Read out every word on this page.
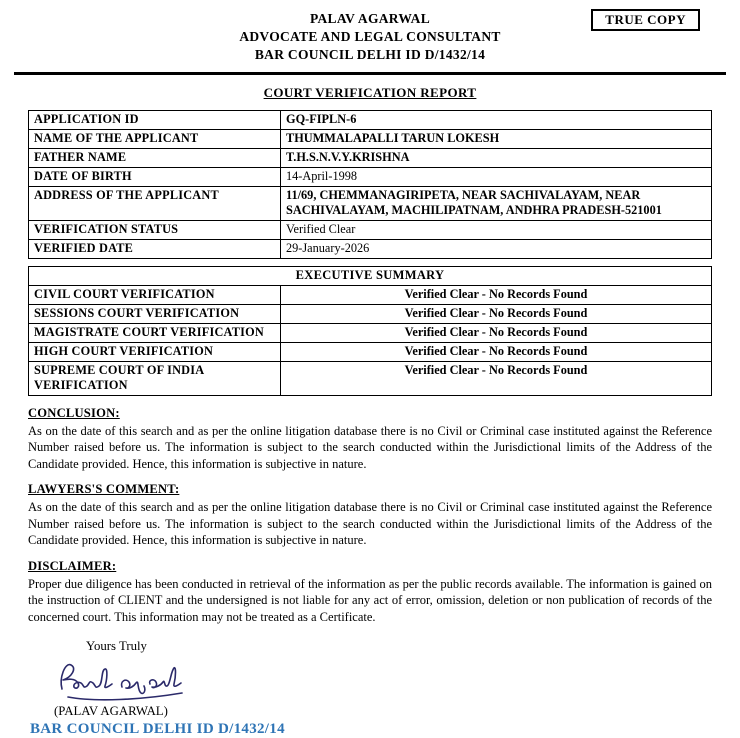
TRUE COPY
PALAV AGARWAL
ADVOCATE AND LEGAL CONSULTANT
BAR COUNCIL DELHI ID D/1432/14
COURT VERIFICATION REPORT
APPLICATION ID	GQ-FIPLN-6
NAME OF THE APPLICANT	THUMMALAPALLI TARUN LOKESH
FATHER NAME	T.H.S.N.V.Y.KRISHNA
DATE OF BIRTH	14-April-1998
ADDRESS OF THE APPLICANT	11/69, CHEMMANAGIRIPETA, NEAR SACHIVALAYAM, NEAR SACHIVALAYAM, MACHILIPATNAM, ANDHRA PRADESH-521001
VERIFICATION STATUS	Verified Clear
VERIFIED DATE	29-January-2026
EXECUTIVE SUMMARY	
CIVIL COURT VERIFICATION	Verified Clear - No Records Found
SESSIONS COURT VERIFICATION	Verified Clear - No Records Found
MAGISTRATE COURT VERIFICATION	Verified Clear - No Records Found
HIGH COURT VERIFICATION	Verified Clear - No Records Found
SUPREME COURT OF INDIA VERIFICATION	Verified Clear - No Records Found
CONCLUSION:
As on the date of this search and as per the online litigation database there is no Civil or Criminal case instituted against the Reference Number raised before us. The information is subject to the search conducted within the Jurisdictional limits of the Address of the Candidate provided. Hence, this information is subjective in nature.
LAWYERS'S COMMENT:
As on the date of this search and as per the online litigation database there is no Civil or Criminal case instituted against the Reference Number raised before us. The information is subject to the search conducted within the Jurisdictional limits of the Address of the Candidate provided. Hence, this information is subjective in nature.
DISCLAIMER:
Proper due diligence has been conducted in retrieval of the information as per the public records available. The information is gained on the instruction of CLIENT and the undersigned is not liable for any act of error, omission, deletion or non publication of records of the concerned court. This information may not be treated as a Certificate.
Yours Truly
(PALAV AGARWAL)
BAR COUNCIL DELHI ID D/1432/14
